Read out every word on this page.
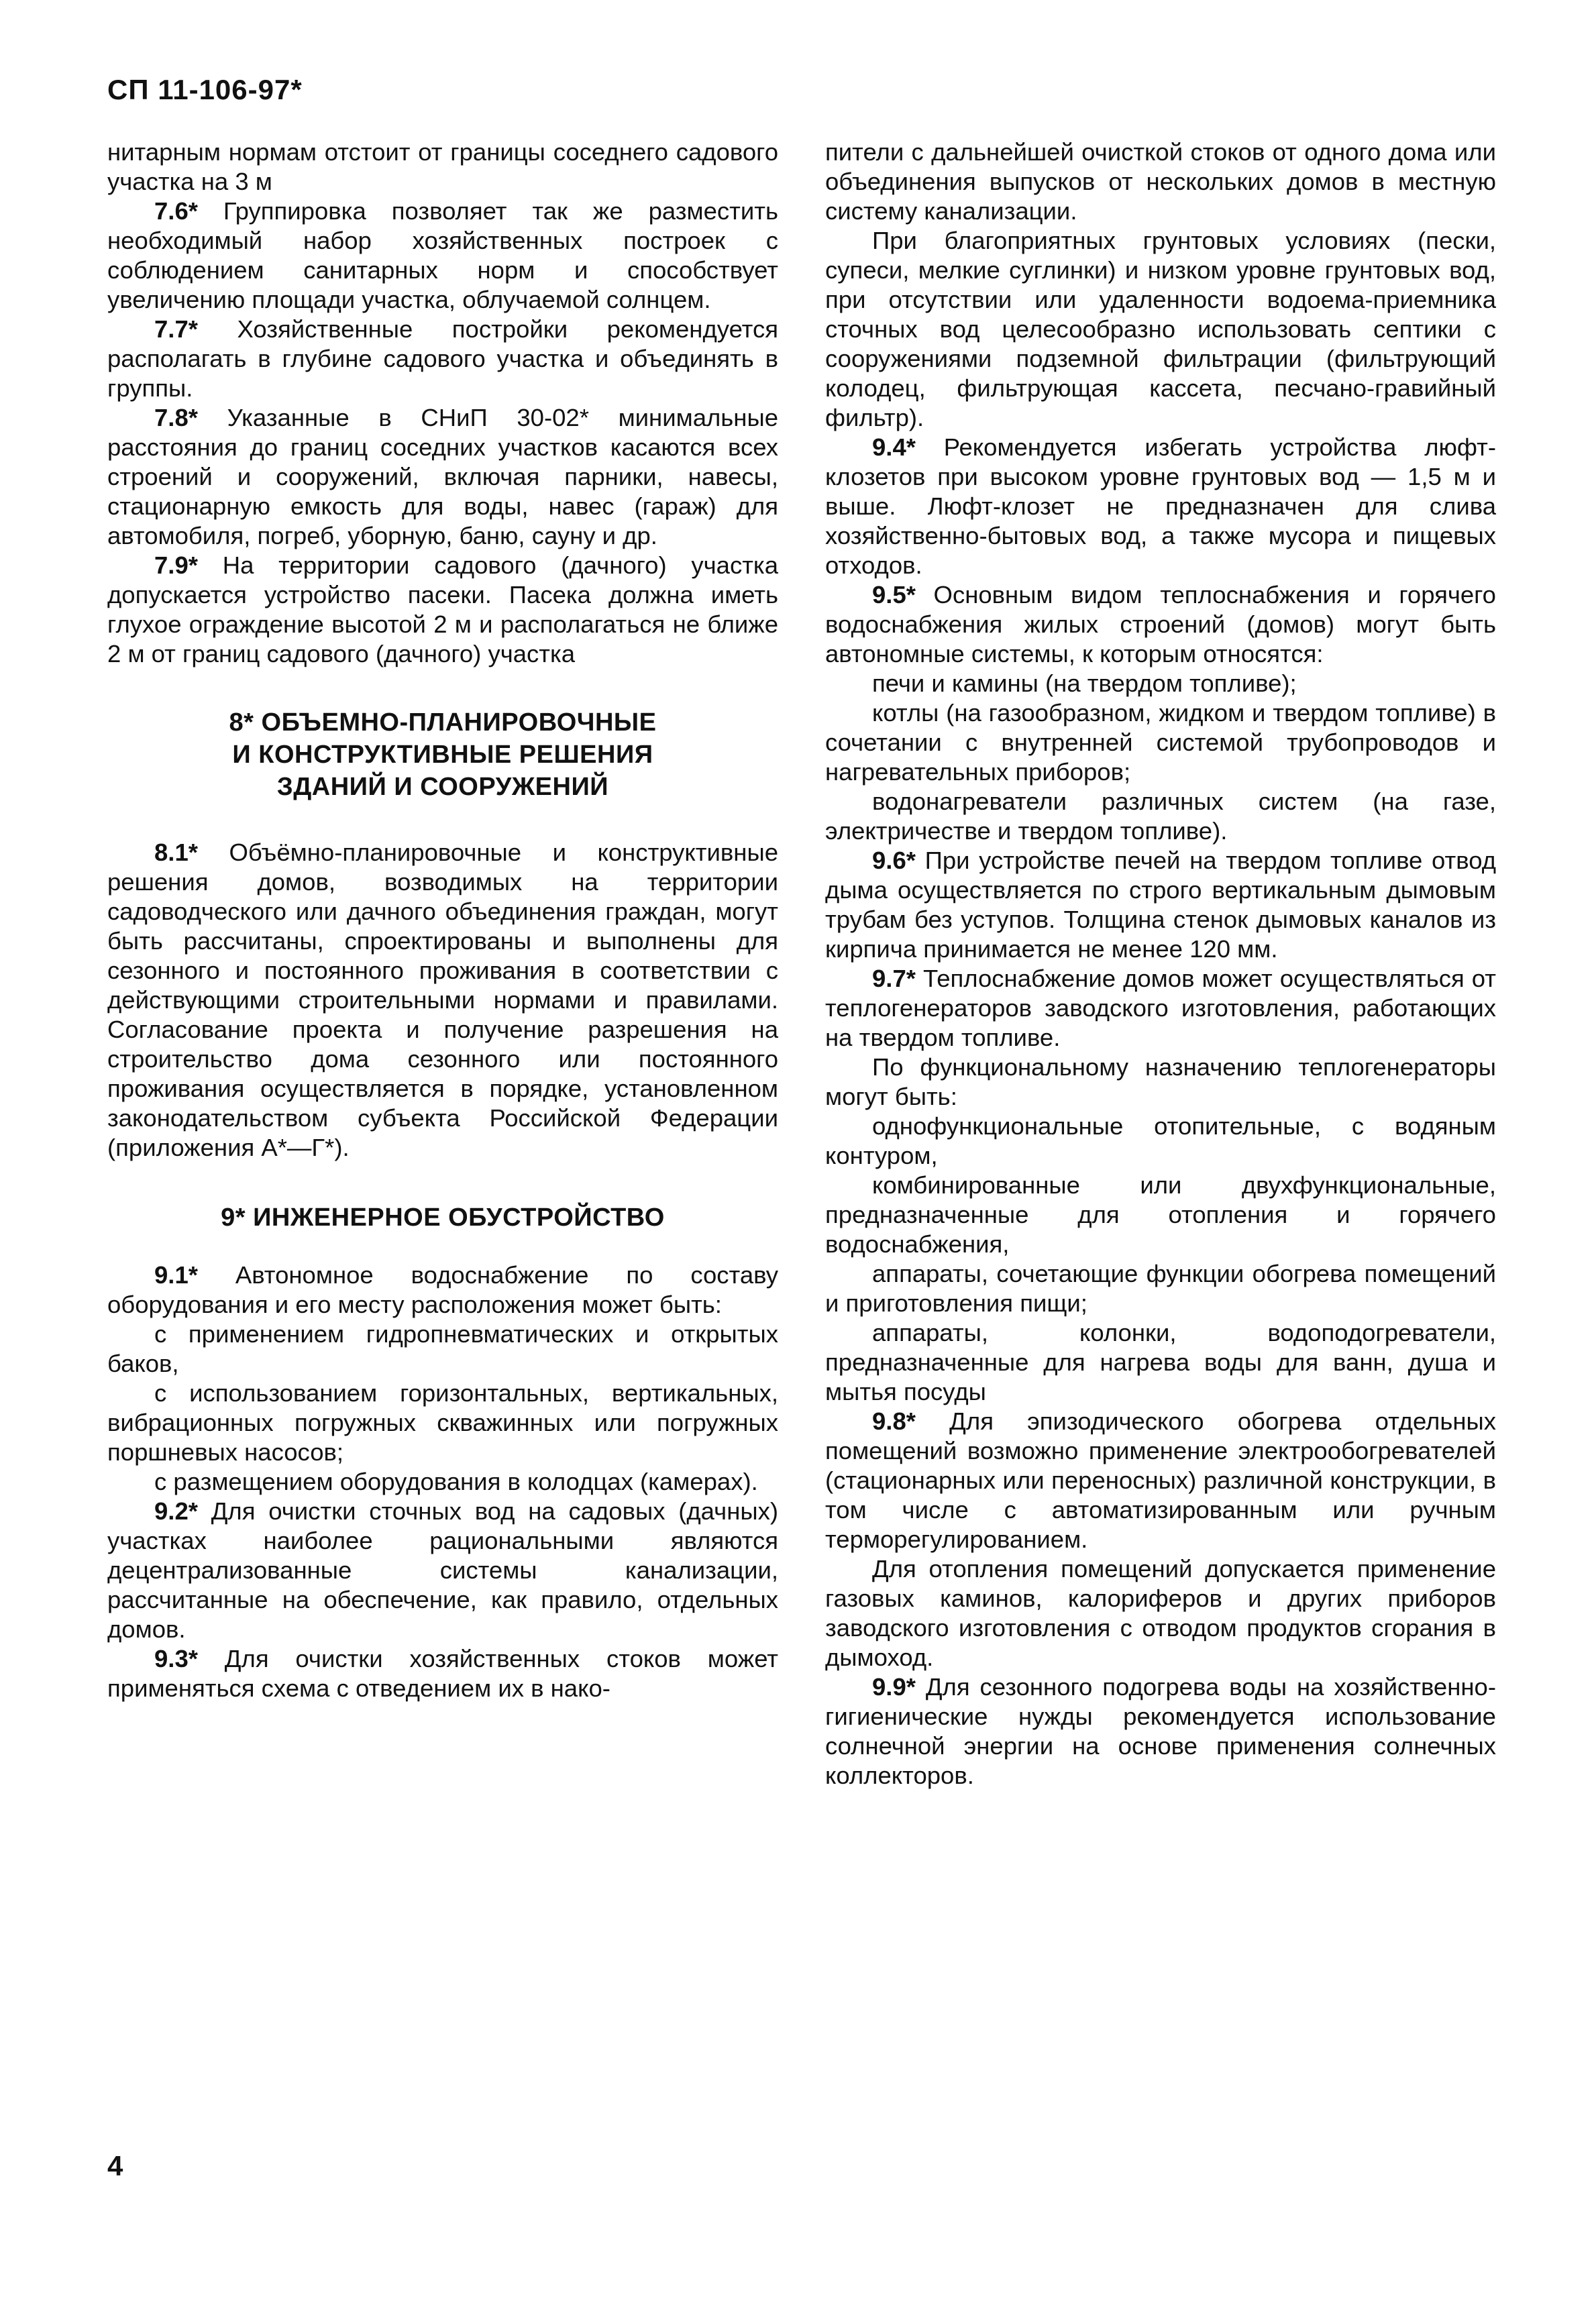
СП 11-106-97*

нитарным нормам отстоит от границы соседнего садового участка на 3 м

7.6* Группировка позволяет так же разместить необходимый набор хозяйственных построек с соблюдением санитарных норм и способствует увеличению площади участка, облучаемой солнцем.

7.7* Хозяйственные постройки рекомендуется располагать в глубине садового участка и объединять в группы.

7.8* Указанные в СНиП 30-02* минимальные расстояния до границ соседних участков касаются всех строений и сооружений, включая парники, навесы, стационарную емкость для воды, навес (гараж) для автомобиля, погреб, уборную, баню, сауну и др.

7.9* На территории садового (дачного) участка допускается устройство пасеки. Пасека должна иметь глухое ограждение высотой 2 м и располагаться не ближе 2 м от границ садового (дачного) участка

8* ОБЪЕМНО-ПЛАНИРОВОЧНЫЕ
И КОНСТРУКТИВНЫЕ РЕШЕНИЯ
ЗДАНИЙ И СООРУЖЕНИЙ

8.1* Объёмно-планировочные и конструктивные решения домов, возводимых на территории садоводческого или дачного объединения граждан, могут быть рассчитаны, спроектированы и выполнены для сезонного и постоянного проживания в соответствии с действующими строительными нормами и правилами. Согласование проекта и получение разрешения на строительство дома сезонного или постоянного проживания осуществляется в порядке, установленном законодательством субъекта Российской Федерации (приложения А*—Г*).

9* ИНЖЕНЕРНОЕ ОБУСТРОЙСТВО

9.1* Автономное водоснабжение по составу оборудования и его месту расположения может быть:

с применением гидропневматических и открытых баков,

с использованием горизонтальных, вертикальных, вибрационных погружных скважинных или погружных поршневых насосов;

с размещением оборудования в колодцах (камерах).

9.2* Для очистки сточных вод на садовых (дачных) участках наиболее рациональными являются децентрализованные системы канализации, рассчитанные на обеспечение, как правило, отдельных домов.

9.3* Для очистки хозяйственных стоков может применяться схема с отведением их в нако-

пители с дальнейшей очисткой стоков от одного дома или объединения выпусков от нескольких домов в местную систему канализации.

При благоприятных грунтовых условиях (пески, супеси, мелкие суглинки) и низком уровне грунтовых вод, при отсутствии или удаленности водоема-приемника сточных вод целесообразно использовать септики с сооружениями подземной фильтрации (фильтрующий колодец, фильтрующая кассета, песчано-гравийный фильтр).

9.4* Рекомендуется избегать устройства люфт-клозетов при высоком уровне грунтовых вод — 1,5 м и выше. Люфт-клозет не предназначен для слива хозяйственно-бытовых вод, а также мусора и пищевых отходов.

9.5* Основным видом теплоснабжения и горячего водоснабжения жилых строений (домов) могут быть автономные системы, к которым относятся:

печи и камины (на твердом топливе);

котлы (на газообразном, жидком и твердом топливе) в сочетании с внутренней системой трубопроводов и нагревательных приборов;

водонагреватели различных систем (на газе, электричестве и твердом топливе).

9.6* При устройстве печей на твердом топливе отвод дыма осуществляется по строго вертикальным дымовым трубам без уступов. Толщина стенок дымовых каналов из кирпича принимается не менее 120 мм.

9.7* Теплоснабжение домов может осуществляться от теплогенераторов заводского изготовления, работающих на твердом топливе.

По функциональному назначению теплогенераторы могут быть:

однофункциональные отопительные, с водяным контуром,

комбинированные или двухфункциональные, предназначенные для отопления и горячего водоснабжения,

аппараты, сочетающие функции обогрева помещений и приготовления пищи;

аппараты, колонки, водоподогреватели, предназначенные для нагрева воды для ванн, душа и мытья посуды

9.8* Для эпизодического обогрева отдельных помещений возможно применение электрообогревателей (стационарных или переносных) различной конструкции, в том числе с автоматизированным или ручным терморегулированием.

Для отопления помещений допускается применение газовых каминов, калориферов и других приборов заводского изготовления с отводом продуктов сгорания в дымоход.

9.9* Для сезонного подогрева воды на хозяйственно-гигиенические нужды рекомендуется использование солнечной энергии на основе применения солнечных коллекторов.

4
